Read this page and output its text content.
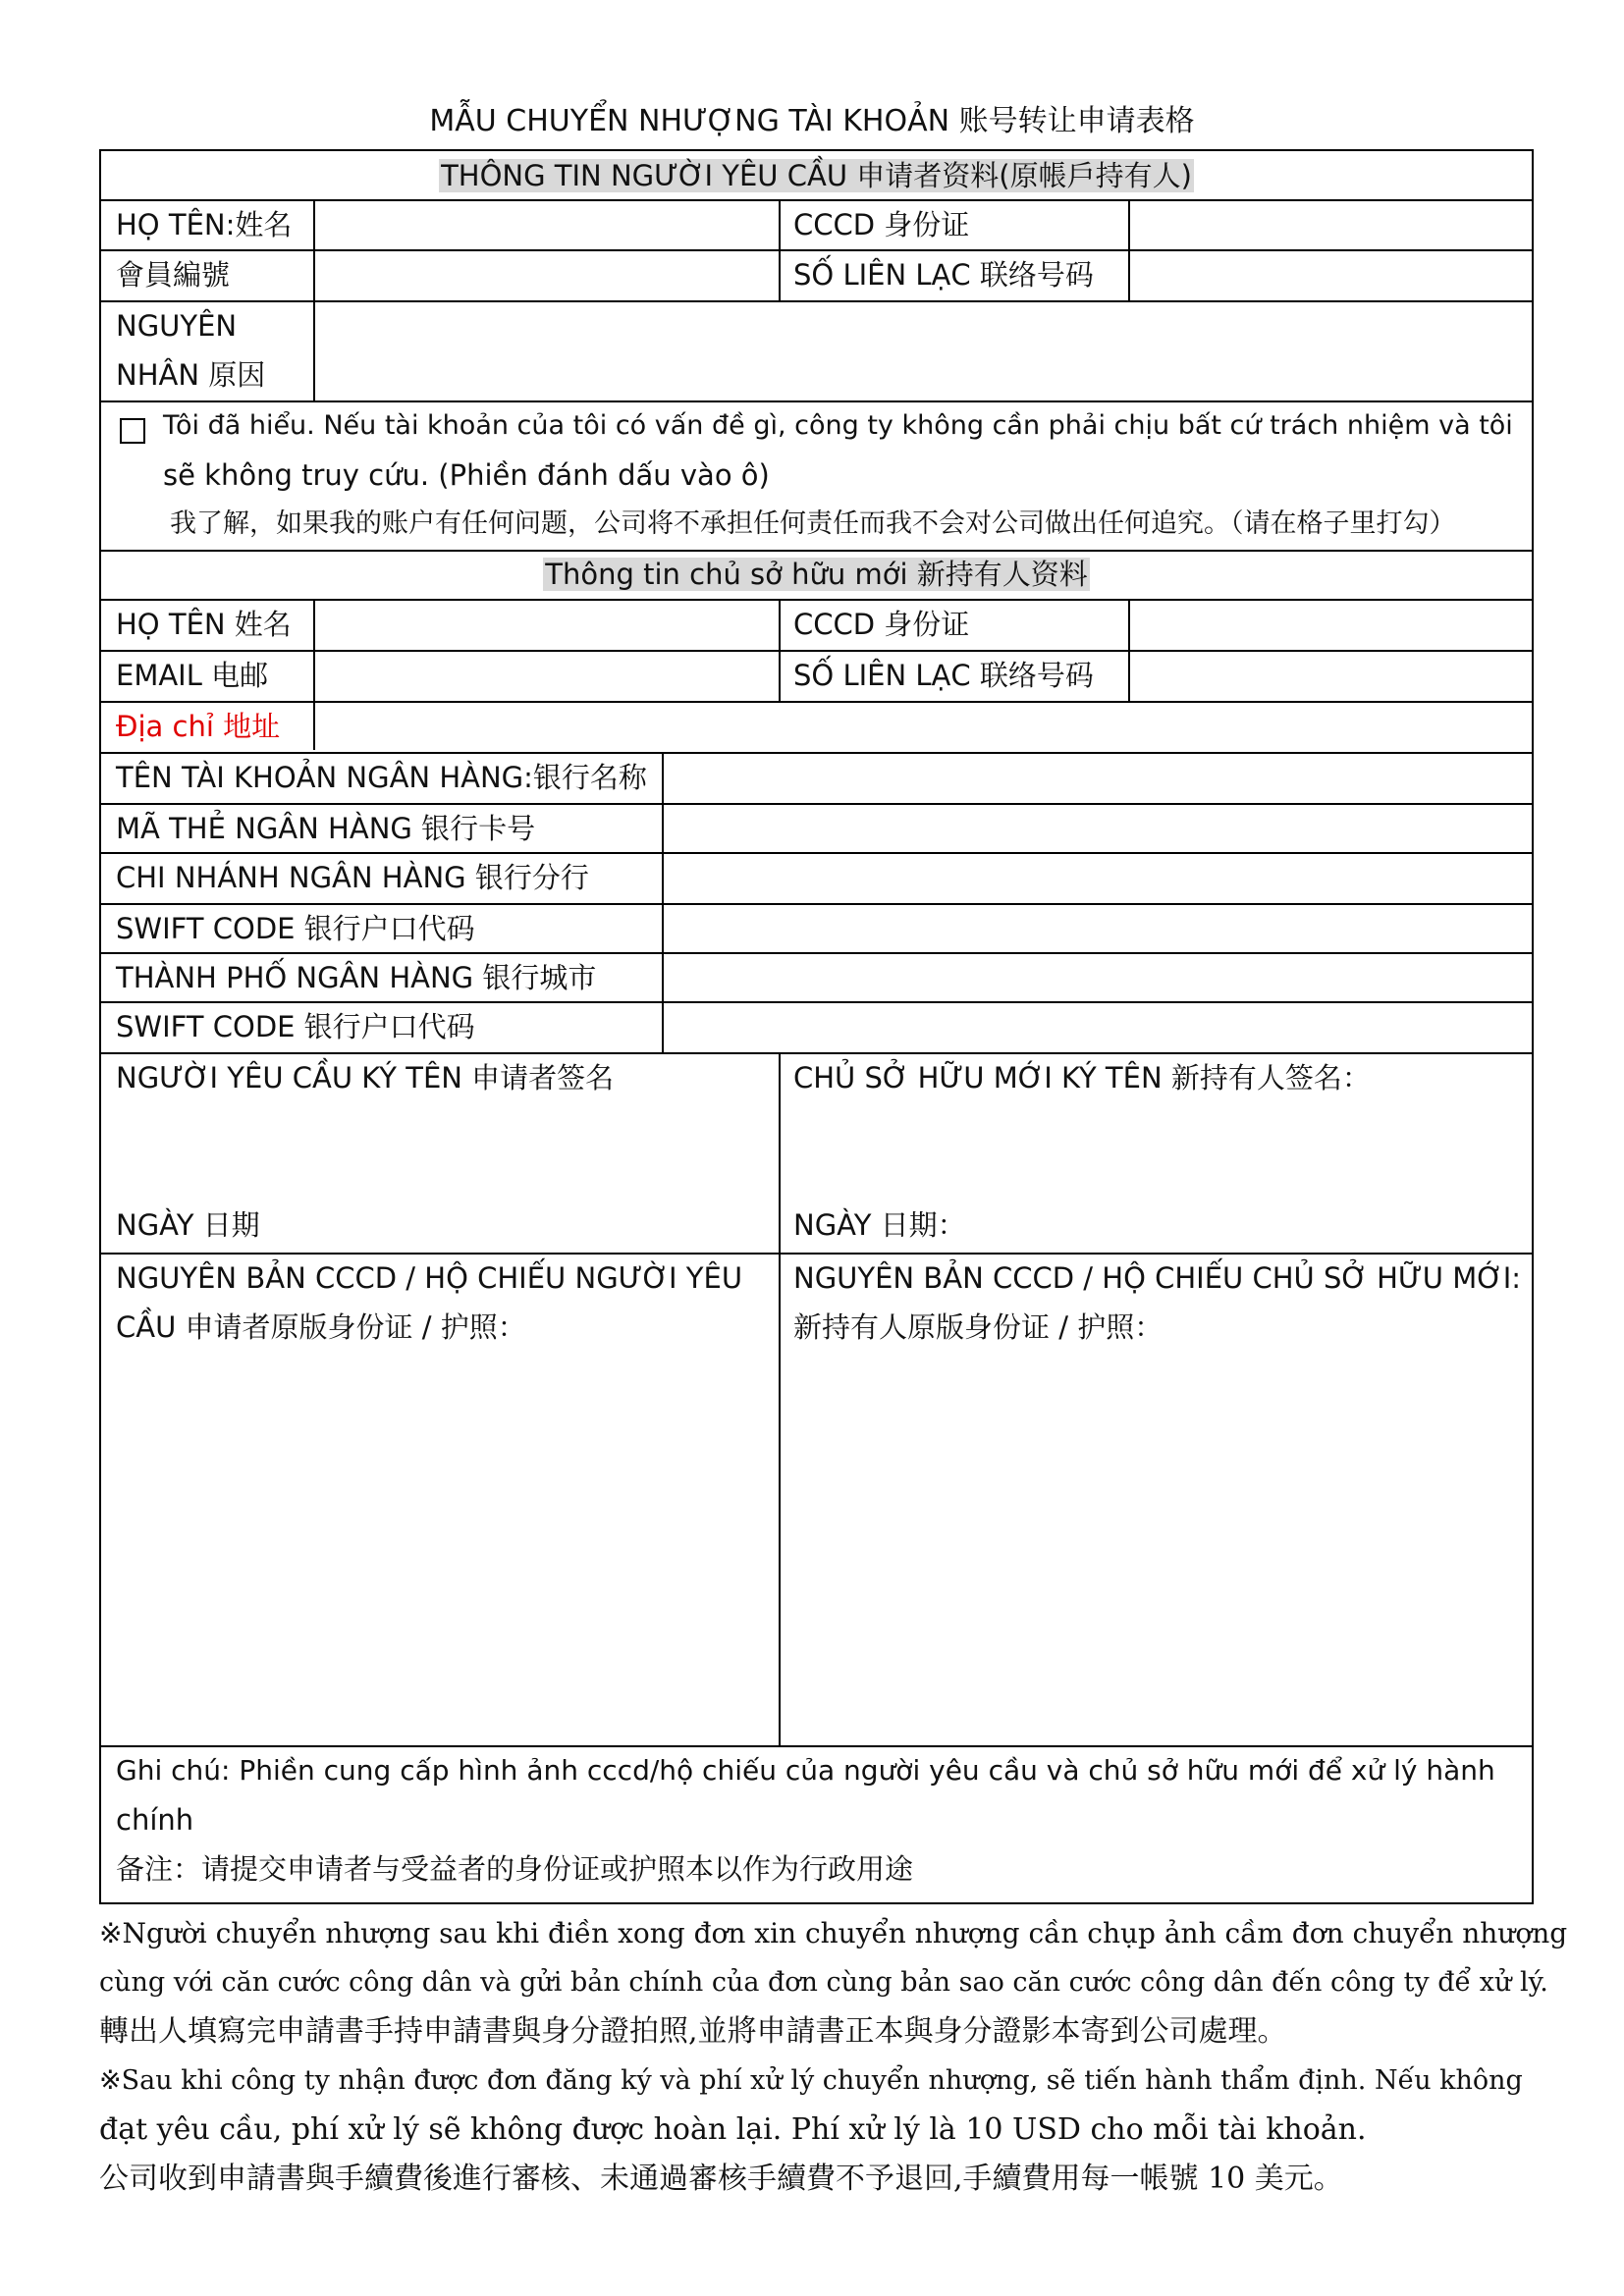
MẪU CHUYỂN NHƯỢNG TÀI KHOẢN 账号转让申请表格
THÔNG TIN NGƯỜI YÊU CẦU 申请者资料(原帳戶持有人)
HỌ TÊN:姓名	CCCD 身份证
會員編號	SỐ LIÊN LẠC 联络号码
NGUYÊN
NHÂN 原因
Tôi đã hiểu. Nếu tài khoản của tôi có vấn đề gì, công ty không cần phải chịu bất cứ trách nhiệm và tôi
sẽ không truy cứu. (Phiền đánh dấu vào ô)
我了解，如果我的账户有任何问题，公司将不承担任何责任而我不会对公司做出任何追究。（请在格子里打勾）
Thông tin chủ sở hữu mới 新持有人资料
HỌ TÊN 姓名	CCCD 身份证
EMAIL 电邮	SỐ LIÊN LẠC 联络号码
Địa chỉ 地址
TÊN TÀI KHOẢN NGÂN HÀNG:银行名称
MÃ THẺ NGÂN HÀNG 银行卡号
CHI NHÁNH NGÂN HÀNG 银行分行
SWIFT CODE 银行户口代码
THÀNH PHỐ NGÂN HÀNG 银行城市
SWIFT CODE 银行户口代码
NGƯỜI YÊU CẦU KÝ TÊN 申请者签名	CHỦ SỞ HỮU MỚI KÝ TÊN 新持有人签名：
NGÀY 日期	NGÀY 日期：
NGUYÊN BẢN CCCD / HỘ CHIẾU NGƯỜI YÊU
CẦU 申请者原版身份证 / 护照：
NGUYÊN BẢN CCCD / HỘ CHIẾU CHỦ SỞ HỮU MỚI:
新持有人原版身份证 / 护照：
Ghi chú: Phiền cung cấp hình ảnh cccd/hộ chiếu của người yêu cầu và chủ sở hữu mới để xử lý hành
chính
备注：请提交申请者与受益者的身份证或护照本以作为行政用途
※Người chuyển nhượng sau khi điền xong đơn xin chuyển nhượng cần chụp ảnh cầm đơn chuyển nhượng
cùng với căn cước công dân và gửi bản chính của đơn cùng bản sao căn cước công dân đến công ty để xử lý.
轉出人填寫完申請書手持申請書與身分證拍照,並將申請書正本與身分證影本寄到公司處理。
※Sau khi công ty nhận được đơn đăng ký và phí xử lý chuyển nhượng, sẽ tiến hành thẩm định. Nếu không
đạt yêu cầu, phí xử lý sẽ không được hoàn lại. Phí xử lý là 10 USD cho mỗi tài khoản.
公司收到申請書與手續費後進行審核、未通過審核手續費不予退回,手續費用每一帳號 10 美元。
